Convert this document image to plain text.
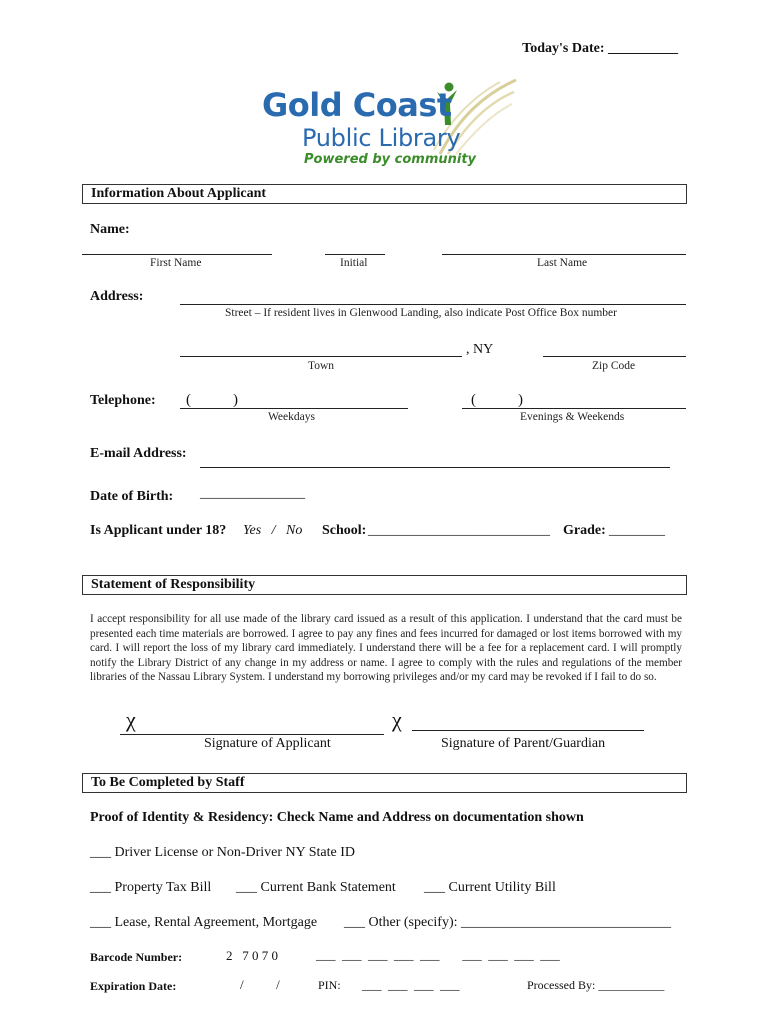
Today's Date: __________
Gold Coast
Public Library
Powered by community
Information About Applicant
Name:
First Name	Initial	Last Name
Address:
Street – If resident lives in Glenwood Landing, also indicate Post Office Box number
, NY
Town	Zip Code
Telephone: (	)
Weekdays
(	)
Evenings & Weekends
E-mail Address:
Date of Birth: _______________
Is Applicant under 18? Yes   /   No School: __________________________ Grade: ________
Statement of Responsibility
I accept responsibility for all use made of the library card issued as a result of this application. I understand that the card must be presented each time materials are borrowed. I agree to pay any fines and fees incurred for damaged or lost items borrowed with my card. I will report the loss of my library card immediately. I understand there will be a fee for a replacement card. I will promptly notify the Library District of any change in my address or name. I agree to comply with the rules and regulations of the member libraries of the Nassau Library System. I understand my borrowing privileges and/or my card may be revoked if I fail to do so.
χ
Signature of Applicant
χ
Signature of Parent/Guardian
To Be Completed by Staff
Proof of Identity & Residency: Check Name and Address on documentation shown
___ Driver License or Non-Driver NY State ID
___ Property Tax Bill ___ Current Bank Statement ___ Current Utility Bill
___ Lease, Rental Agreement, Mortgage ___ Other (specify): ______________________________
Barcode Number:	2   7 0 7 0	___  ___  ___  ___  ___       ___  ___  ___  ___
Expiration Date:	/          /	PIN: ___  ___  ___  ___	Processed By: ___________
